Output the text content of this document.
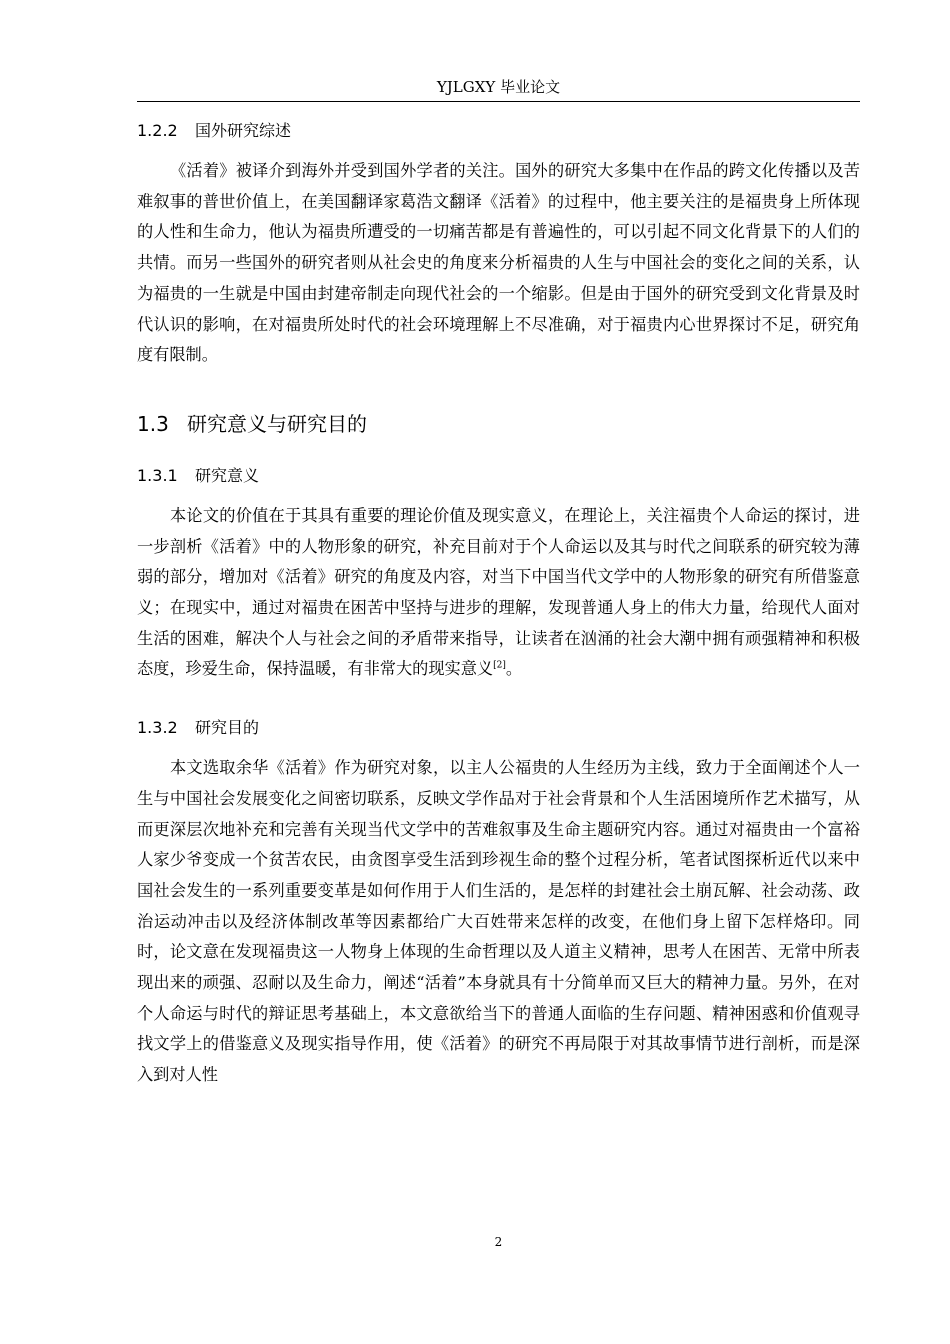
YJLGXY 毕业论文
1.2.2 国外研究综述

《活着》被译介到海外并受到国外学者的关注。国外的研究大多集中在作品的跨文化传播以及苦难叙事的普世价值上，在美国翻译家葛浩文翻译《活着》的过程中，他主要关注的是福贵身上所体现的人性和生命力，他认为福贵所遭受的一切痛苦都是有普遍性的，可以引起不同文化背景下的人们的共情。而另一些国外的研究者则从社会史的角度来分析福贵的人生与中国社会的变化之间的关系，认为福贵的一生就是中国由封建帝制走向现代社会的一个缩影。但是由于国外的研究受到文化背景及时代认识的影响，在对福贵所处时代的社会环境理解上不尽准确，对于福贵内心世界探讨不足，研究角度有限制。

1.3 研究意义与研究目的
1.3.1 研究意义

本论文的价值在于其具有重要的理论价值及现实意义，在理论上，关注福贵个人命运的探讨，进一步剖析《活着》中的人物形象的研究，补充目前对于个人命运以及其与时代之间联系的研究较为薄弱的部分，增加对《活着》研究的角度及内容，对当下中国当代文学中的人物形象的研究有所借鉴意义；在现实中，通过对福贵在困苦中坚持与进步的理解，发现普通人身上的伟大力量，给现代人面对生活的困难，解决个人与社会之间的矛盾带来指导，让读者在汹涌的社会大潮中拥有顽强精神和积极态度，珍爱生命，保持温暖，有非常大的现实意义[2]。

1.3.2 研究目的

本文选取余华《活着》作为研究对象，以主人公福贵的人生经历为主线，致力于全面阐述个人一生与中国社会发展变化之间密切联系，反映文学作品对于社会背景和个人生活困境所作艺术描写，从而更深层次地补充和完善有关现当代文学中的苦难叙事及生命主题研究内容。通过对福贵由一个富裕人家少爷变成一个贫苦农民，由贪图享受生活到珍视生命的整个过程分析，笔者试图探析近代以来中国社会发生的一系列重要变革是如何作用于人们生活的，是怎样的封建社会土崩瓦解、社会动荡、政治运动冲击以及经济体制改革等因素都给广大百姓带来怎样的改变，在他们身上留下怎样烙印。同时，论文意在发现福贵这一人物身上体现的生命哲理以及人道主义精神，思考人在困苦、无常中所表现出来的顽强、忍耐以及生命力，阐述“活着”本身就具有十分简单而又巨大的精神力量。另外，在对个人命运与时代的辩证思考基础上，本文意欲给当下的普通人面临的生存问题、精神困惑和价值观寻找文学上的借鉴意义及现实指导作用，使《活着》的研究不再局限于对其故事情节进行剖析，而是深入到对人性

2
